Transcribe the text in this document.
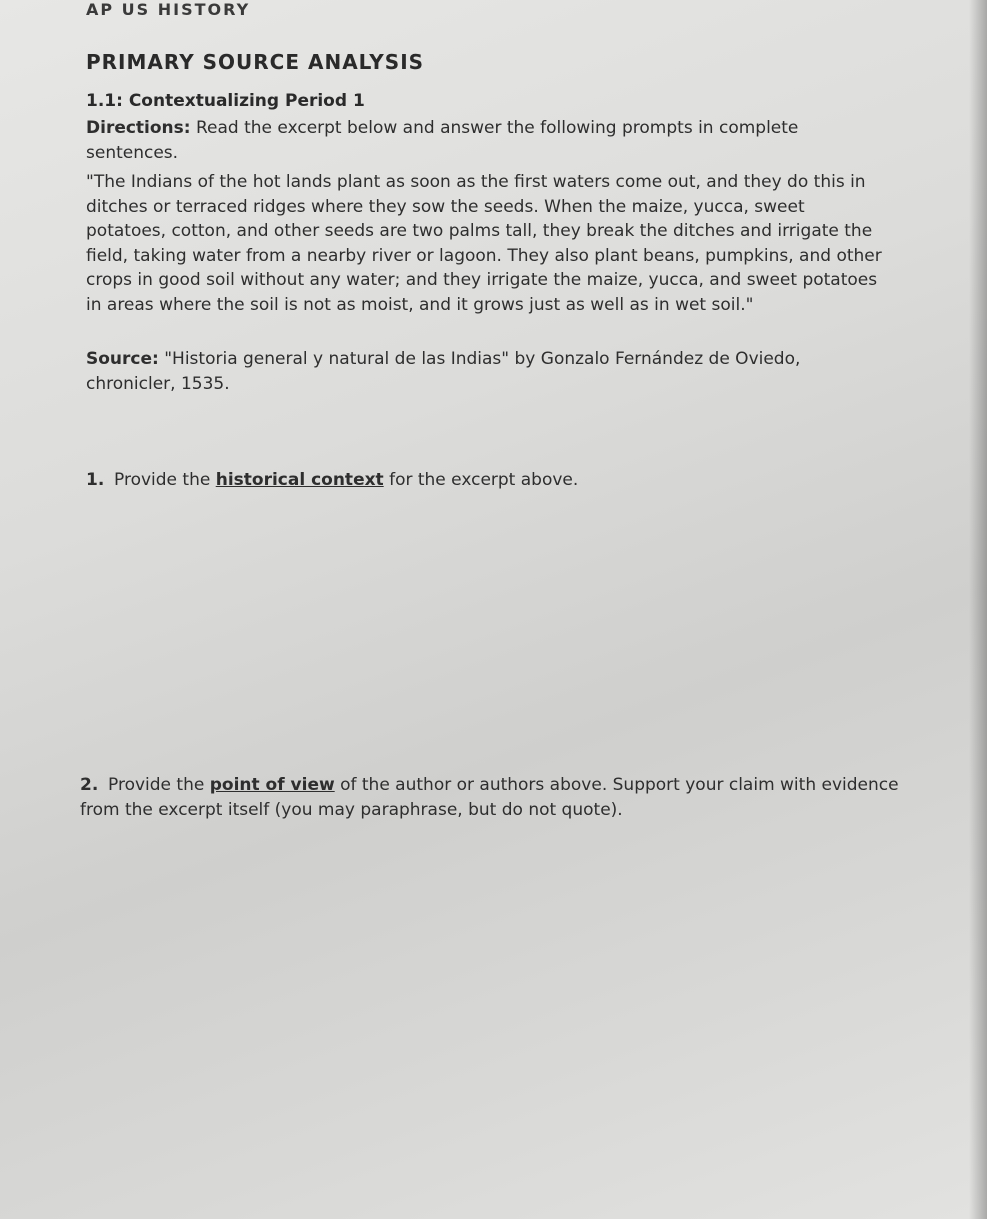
AP US HISTORY
PRIMARY SOURCE ANALYSIS
1.1: Contextualizing Period 1
Directions: Read the excerpt below and answer the following prompts in complete sentences.
"The Indians of the hot lands plant as soon as the first waters come out, and they do this in ditches or terraced ridges where they sow the seeds. When the maize, yucca, sweet potatoes, cotton, and other seeds are two palms tall, they break the ditches and irrigate the field, taking water from a nearby river or lagoon. They also plant beans, pumpkins, and other crops in good soil without any water; and they irrigate the maize, yucca, and sweet potatoes in areas where the soil is not as moist, and it grows just as well as in wet soil."
Source: "Historia general y natural de las Indias" by Gonzalo Fernández de Oviedo, chronicler, 1535.
1. Provide the historical context for the excerpt above.
2. Provide the point of view of the author or authors above. Support your claim with evidence from the excerpt itself (you may paraphrase, but do not quote).
